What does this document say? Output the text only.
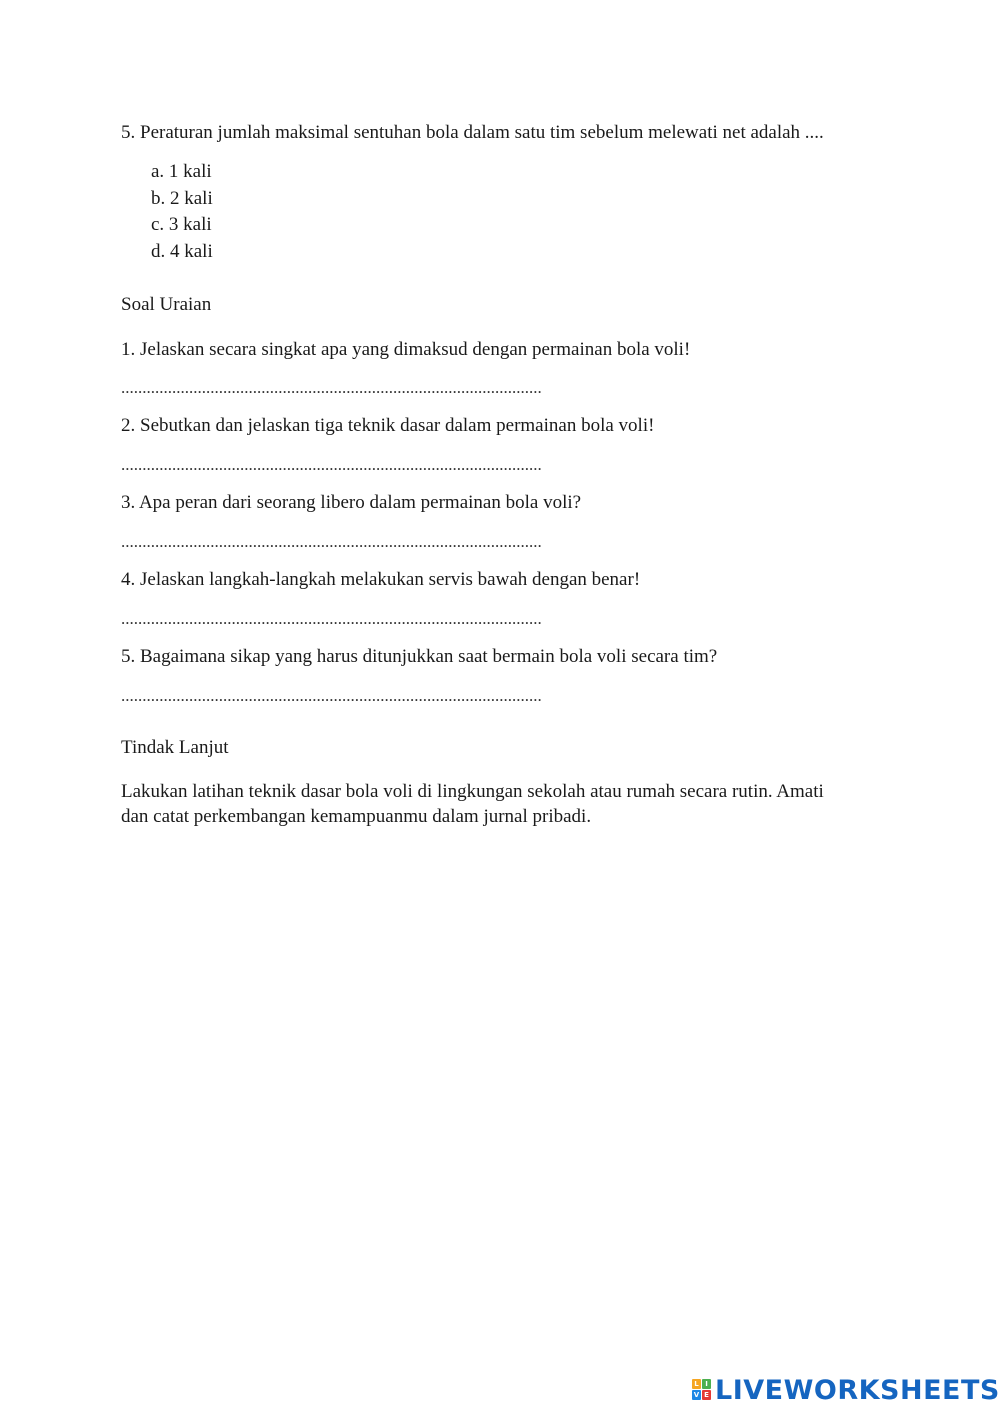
5. Peraturan jumlah maksimal sentuhan bola dalam satu tim sebelum melewati net adalah ....
a. 1 kali
b. 2 kali
c. 3 kali
d. 4 kali
Soal Uraian
1. Jelaskan secara singkat apa yang dimaksud dengan permainan bola voli!
...................................................................................................
2. Sebutkan dan jelaskan tiga teknik dasar dalam permainan bola voli!
...................................................................................................
3. Apa peran dari seorang libero dalam permainan bola voli?
...................................................................................................
4. Jelaskan langkah-langkah melakukan servis bawah dengan benar!
...................................................................................................
5. Bagaimana sikap yang harus ditunjukkan saat bermain bola voli secara tim?
...................................................................................................
Tindak Lanjut
Lakukan latihan teknik dasar bola voli di lingkungan sekolah atau rumah secara rutin. Amati
dan catat perkembangan kemampuanmu dalam jurnal pribadi.
L I
V E LIVEWORKSHEETS
